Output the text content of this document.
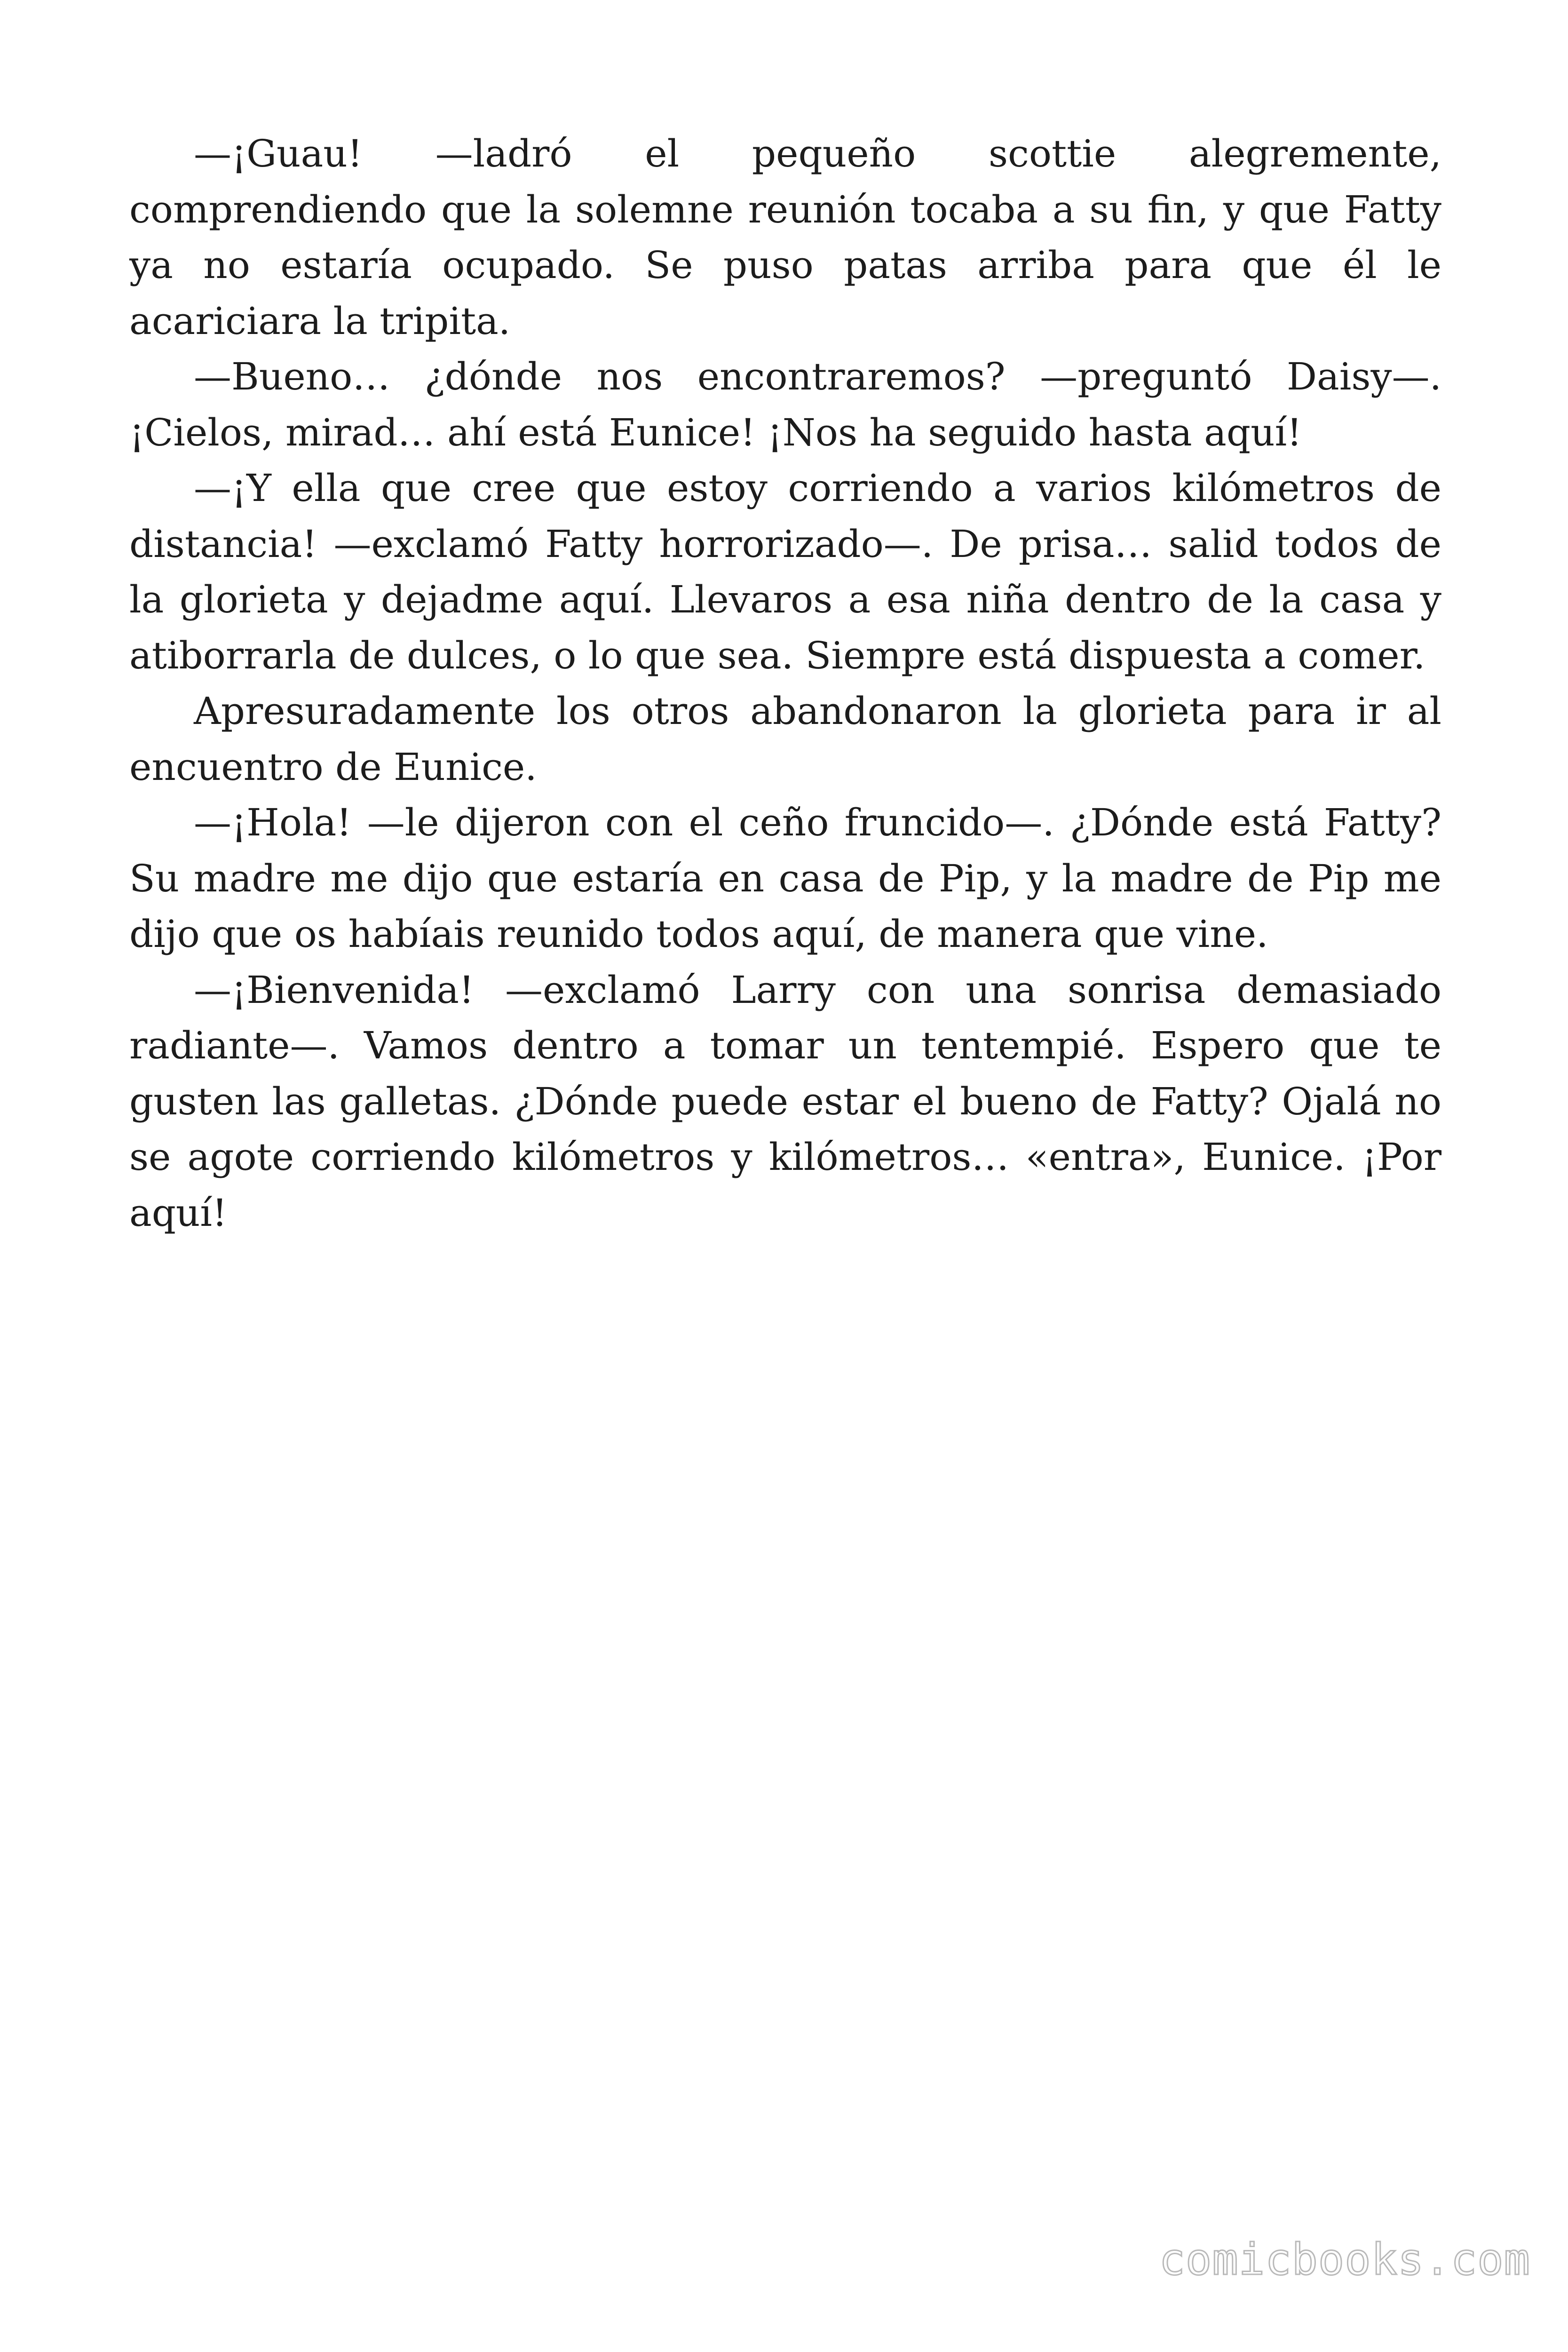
—¡Guau! —ladró el pequeño scottie alegremente, comprendiendo que la solemne reunión tocaba a su fin, y que Fatty ya no estaría ocupado. Se puso patas arriba para que él le acariciara la tripita.

—Bueno… ¿dónde nos encontraremos? —preguntó Daisy—. ¡Cielos, mirad… ahí está Eunice! ¡Nos ha seguido hasta aquí!

—¡Y ella que cree que estoy corriendo a varios kilómetros de distancia! —exclamó Fatty horrorizado—. De prisa… salid todos de la glorieta y dejadme aquí. Llevaros a esa niña dentro de la casa y atiborrarla de dulces, o lo que sea. Siempre está dispuesta a comer.

Apresuradamente los otros abandonaron la glorieta para ir al encuentro de Eunice.

—¡Hola! —le dijeron con el ceño fruncido—. ¿Dónde está Fatty? Su madre me dijo que estaría en casa de Pip, y la madre de Pip me dijo que os habíais reunido todos aquí, de manera que vine.

—¡Bienvenida! —exclamó Larry con una sonrisa demasiado radiante—. Vamos dentro a tomar un tentempié. Espero que te gusten las galletas. ¿Dónde puede estar el bueno de Fatty? Ojalá no se agote corriendo kilómetros y kilómetros… «entra», Eunice. ¡Por aquí!

comicbooks.com
